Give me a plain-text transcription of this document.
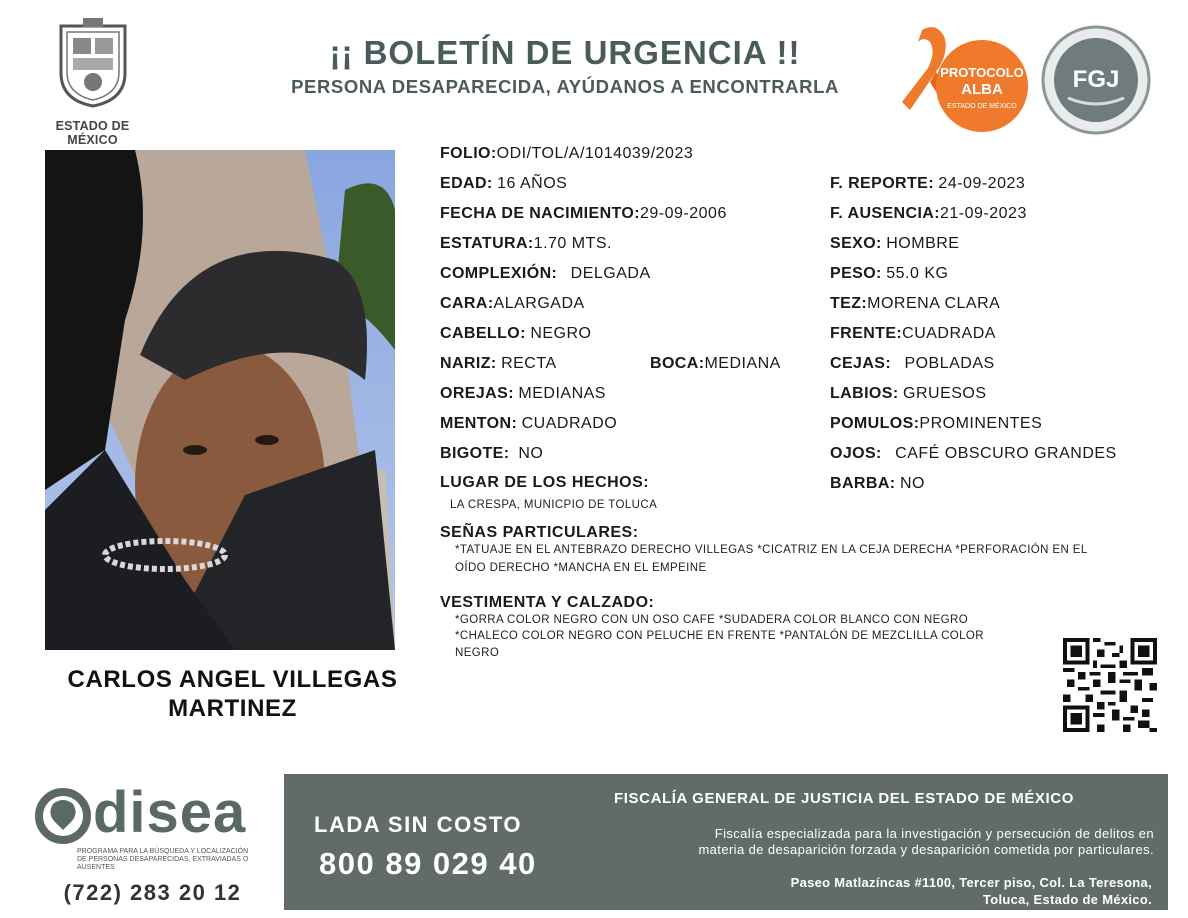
ESTADO DE MÉXICO
¡¡ BOLETÍN DE URGENCIA !!
PERSONA DESAPARECIDA, AYÚDANOS A ENCONTRARLA
PROTOCOLO
ALBA
ESTADO DE MÉXICO
FGJ
CARLOS ANGEL VILLEGAS
MARTINEZ
FOLIO:ODI/TOL/A/1014039/2023
EDAD: 16 AÑOS
FECHA DE NACIMIENTO:29-09-2006
ESTATURA:1.70 MTS.
COMPLEXIÓN: DELGADA
CARA:ALARGADA
CABELLO: NEGRO
NARIZ: RECTA	BOCA:MEDIANA
OREJAS: MEDIANAS
MENTON: CUADRADO
BIGOTE: NO
F. REPORTE: 24-09-2023
F. AUSENCIA:21-09-2023
SEXO: HOMBRE
PESO: 55.0 KG
TEZ:MORENA CLARA
FRENTE:CUADRADA
CEJAS: POBLADAS
LABIOS: GRUESOS
POMULOS:PROMINENTES
OJOS: CAFÉ OBSCURO GRANDES
BARBA: NO
LUGAR DE LOS HECHOS:
LA CRESPA, MUNICPIO DE TOLUCA
SEÑAS PARTICULARES:
*TATUAJE EN EL ANTEBRAZO DERECHO VILLEGAS *CICATRIZ EN LA CEJA DERECHA *PERFORACIÓN EN EL
OÍDO DERECHO *MANCHA EN EL EMPEINE
VESTIMENTA Y CALZADO:
*GORRA COLOR NEGRO CON UN OSO CAFE *SUDADERA COLOR BLANCO CON NEGRO
*CHALECO COLOR NEGRO CON PELUCHE EN FRENTE *PANTALÓN DE MEZCLILLA COLOR
NEGRO
disea
PROGRAMA PARA LA BÚSQUEDA Y LOCALIZACIÓN DE PERSONAS DESAPARECIDAS, EXTRAVIADAS O AUSENTES
(722) 283 20 12
LADA SIN COSTO
800 89 029 40
FISCALÍA GENERAL DE JUSTICIA DEL ESTADO DE MÉXICO
Fiscalía especializada para la investigación y persecución de delitos en
materia de desaparición forzada y desaparición cometida por particulares.
Paseo Matlazíncas #1100, Tercer piso, Col. La Teresona,
Toluca, Estado de México.
